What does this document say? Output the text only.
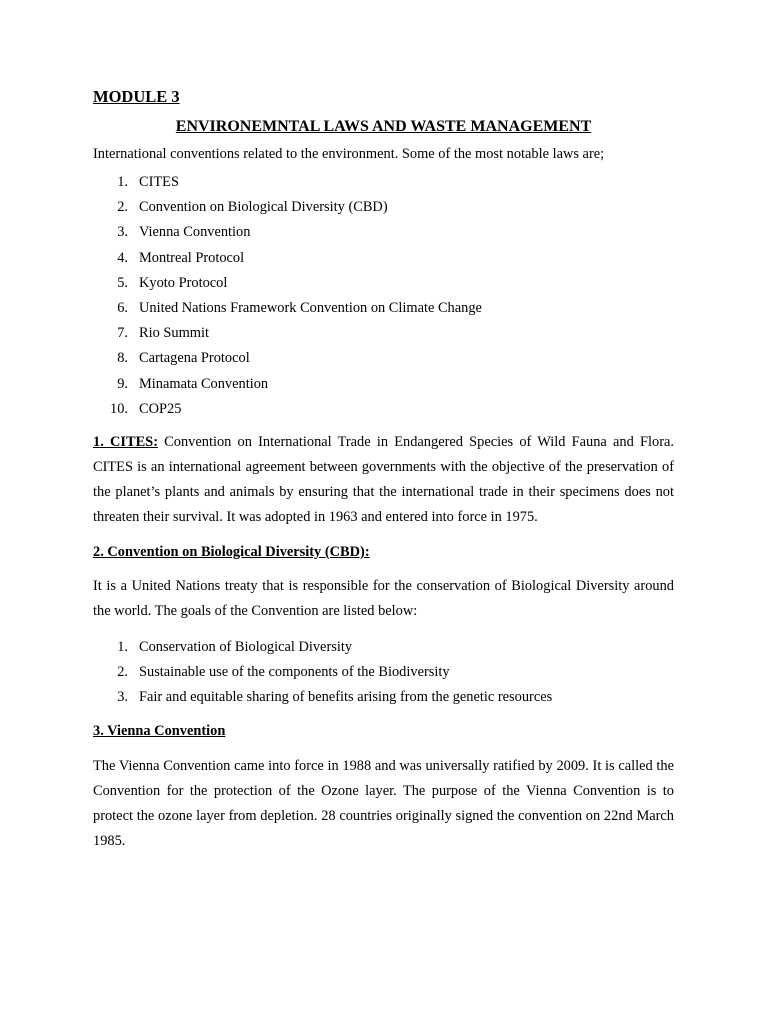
MODULE 3

ENVIRONEMNTAL LAWS AND WASTE MANAGEMENT

International conventions related to the environment. Some of the most notable laws are;

1. CITES
2. Convention on Biological Diversity (CBD)
3. Vienna Convention
4. Montreal Protocol
5. Kyoto Protocol
6. United Nations Framework Convention on Climate Change
7. Rio Summit
8. Cartagena Protocol
9. Minamata Convention
10. COP25

1. CITES: Convention on International Trade in Endangered Species of Wild Fauna and Flora. CITES is an international agreement between governments with the objective of the preservation of the planet’s plants and animals by ensuring that the international trade in their specimens does not threaten their survival. It was adopted in 1963 and entered into force in 1975.

2. Convention on Biological Diversity (CBD):

It is a United Nations treaty that is responsible for the conservation of Biological Diversity around the world. The goals of the Convention are listed below:

1. Conservation of Biological Diversity
2. Sustainable use of the components of the Biodiversity
3. Fair and equitable sharing of benefits arising from the genetic resources

3. Vienna Convention

The Vienna Convention came into force in 1988 and was universally ratified by 2009. It is called the Convention for the protection of the Ozone layer. The purpose of the Vienna Convention is to protect the ozone layer from depletion. 28 countries originally signed the convention on 22nd March 1985.
